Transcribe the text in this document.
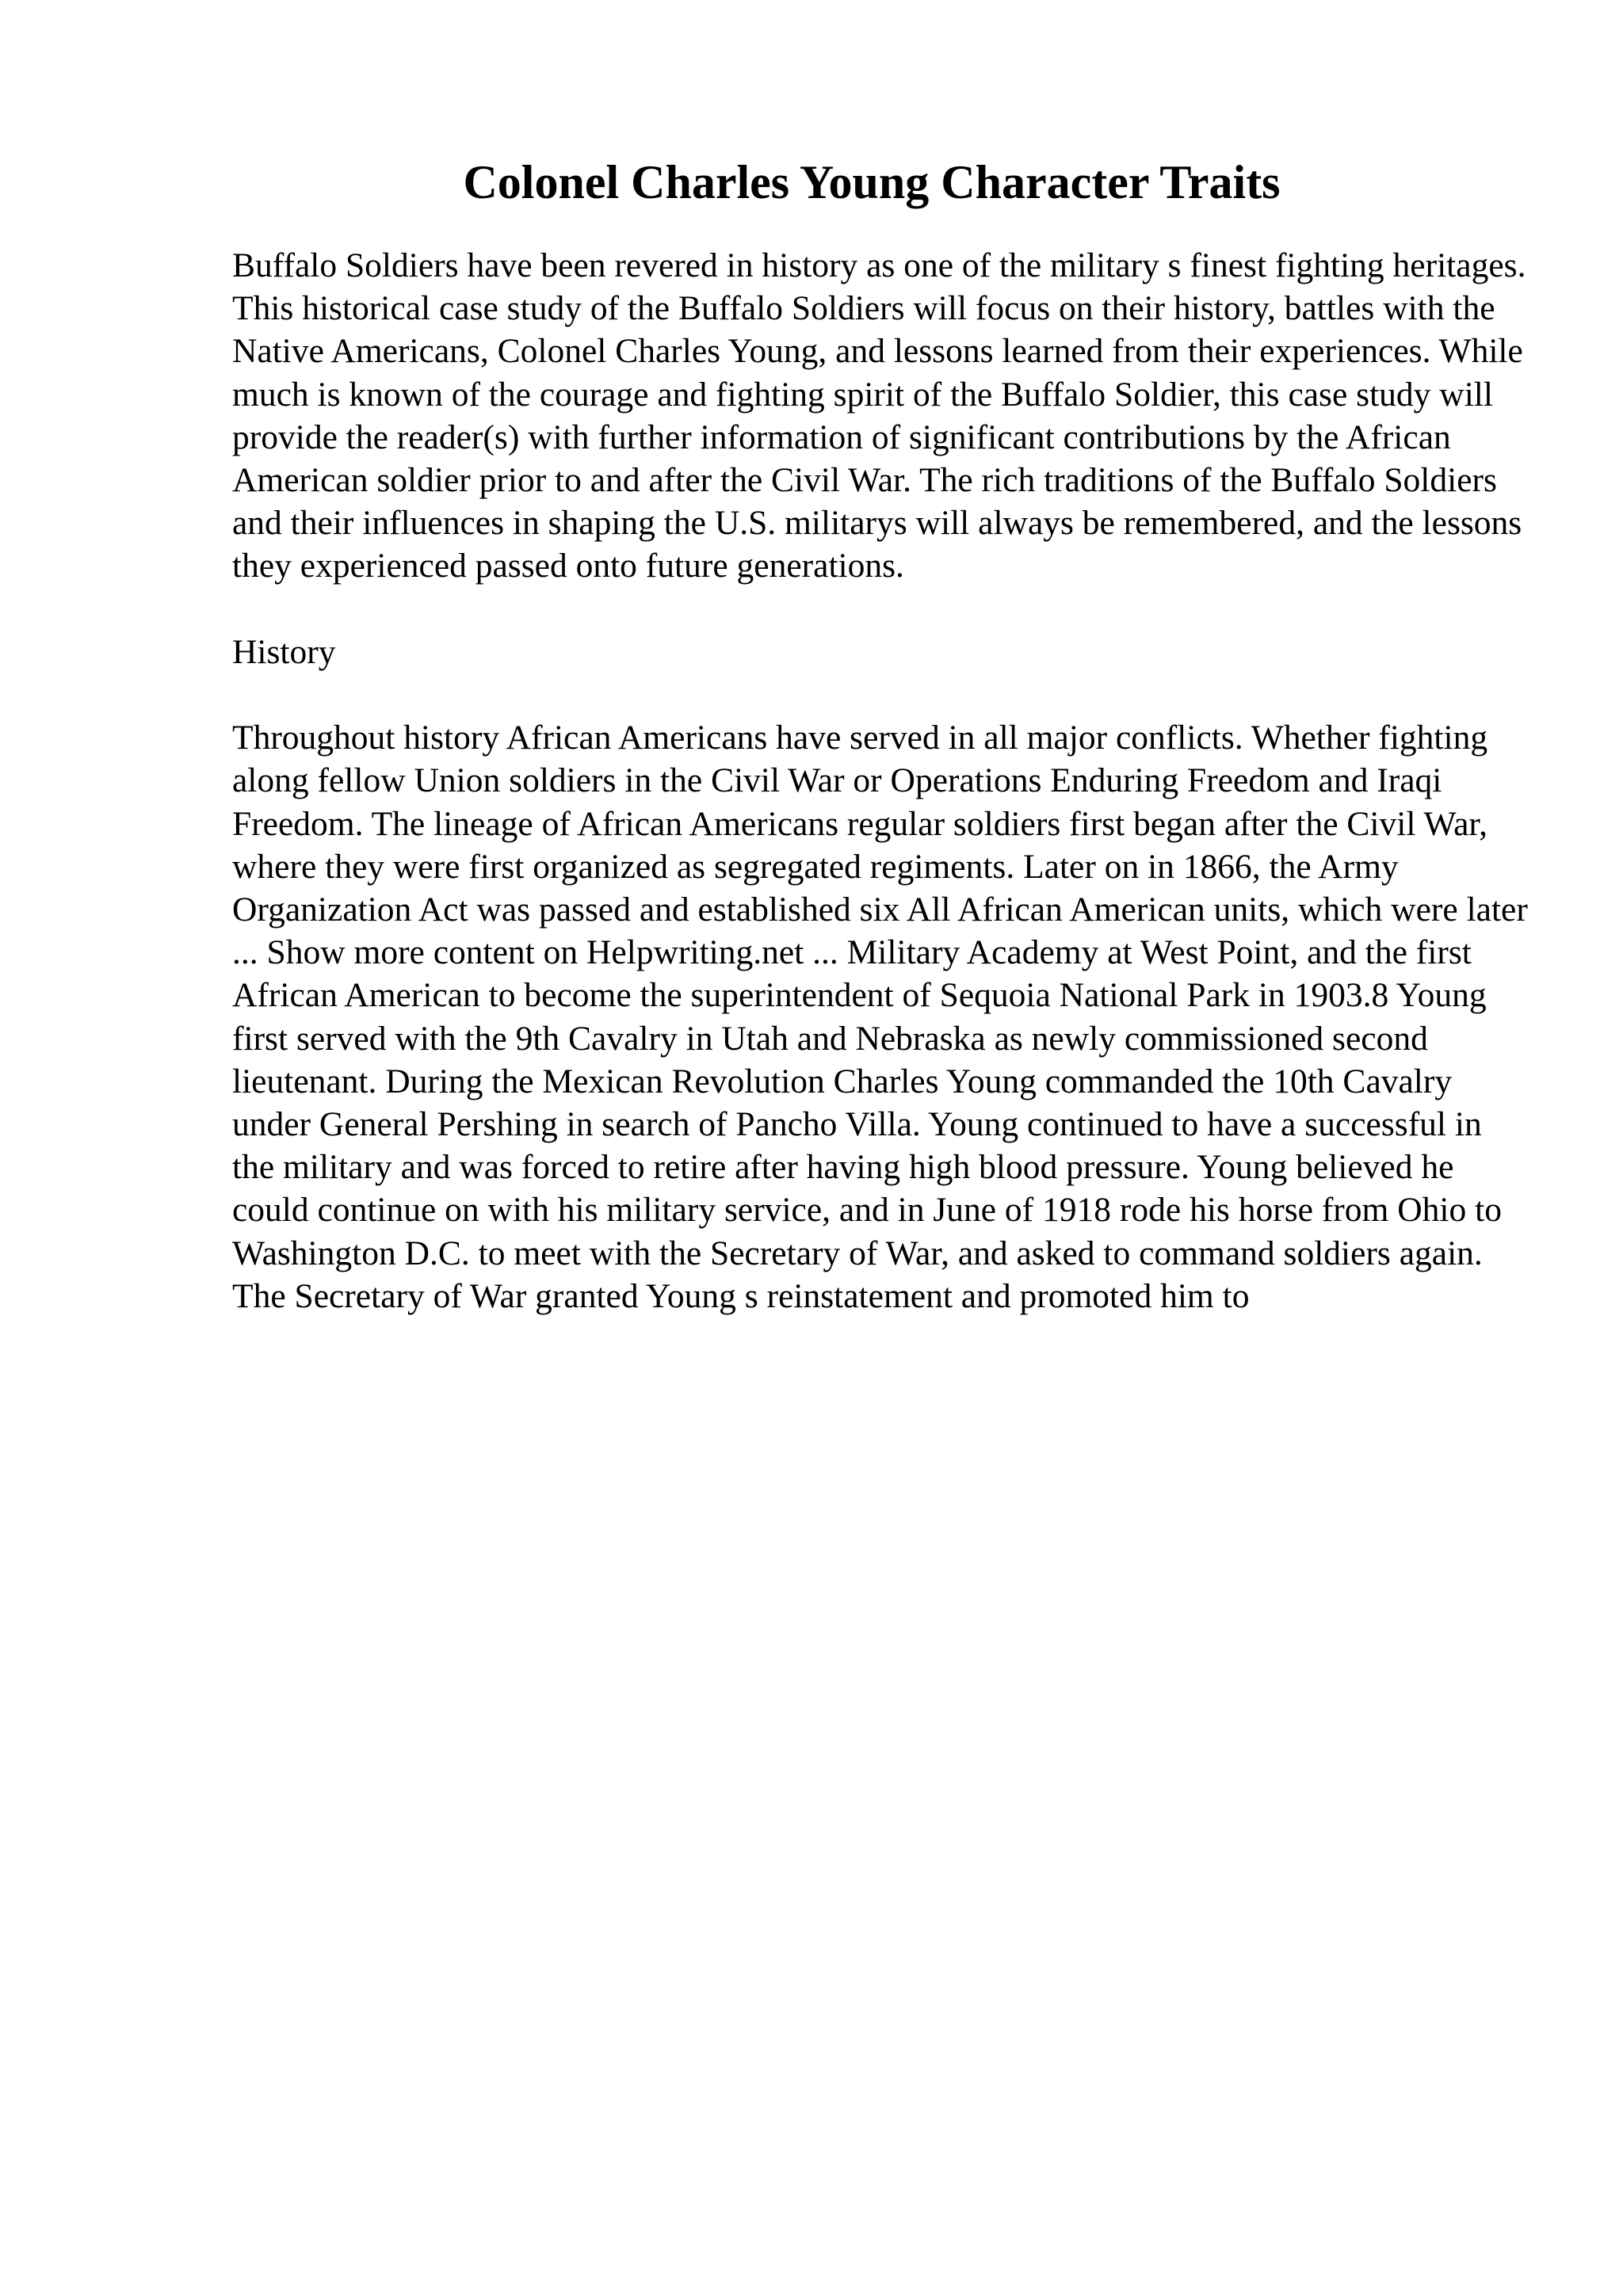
Colonel Charles Young Character Traits

Buffalo Soldiers have been revered in history as one of the military s finest fighting heritages. This historical case study of the Buffalo Soldiers will focus on their history, battles with the Native Americans, Colonel Charles Young, and lessons learned from their experiences. While much is known of the courage and fighting spirit of the Buffalo Soldier, this case study will provide the reader(s) with further information of significant contributions by the African American soldier prior to and after the Civil War. The rich traditions of the Buffalo Soldiers and their influences in shaping the U.S. militarys will always be remembered, and the lessons they experienced passed onto future generations.

History

Throughout history African Americans have served in all major conflicts. Whether fighting along fellow Union soldiers in the Civil War or Operations Enduring Freedom and Iraqi Freedom. The lineage of African Americans regular soldiers first began after the Civil War, where they were first organized as segregated regiments. Later on in 1866, the Army Organization Act was passed and established six All African American units, which were later ... Show more content on Helpwriting.net ... Military Academy at West Point, and the first African American to become the superintendent of Sequoia National Park in 1903.8 Young first served with the 9th Cavalry in Utah and Nebraska as newly commissioned second lieutenant. During the Mexican Revolution Charles Young commanded the 10th Cavalry under General Pershing in search of Pancho Villa. Young continued to have a successful in the military and was forced to retire after having high blood pressure. Young believed he could continue on with his military service, and in June of 1918 rode his horse from Ohio to Washington D.C. to meet with the Secretary of War, and asked to command soldiers again. The Secretary of War granted Young s reinstatement and promoted him to
